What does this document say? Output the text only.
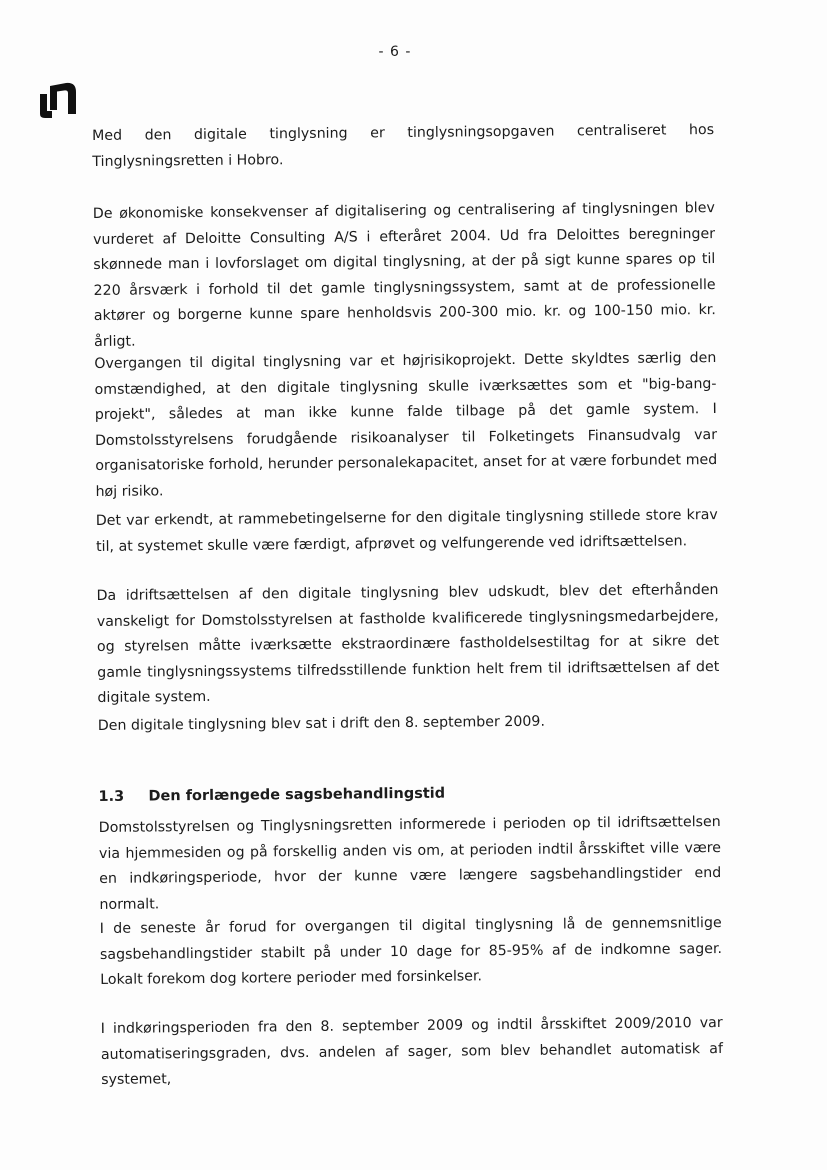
- 6 -

Med den digitale tinglysning er tinglysningsopgaven centraliseret hos Tinglysningsretten i Hobro.

De økonomiske konsekvenser af digitalisering og centralisering af tinglysningen blev vurderet af Deloitte Consulting A/S i efteråret 2004. Ud fra Deloittes beregninger skønnede man i lovforslaget om digital tinglysning, at der på sigt kunne spares op til 220 årsværk i forhold til det gamle tinglysningssystem, samt at de professionelle aktører og borgerne kunne spare henholdsvis 200-300 mio. kr. og 100-150 mio. kr. årligt.

Overgangen til digital tinglysning var et højrisikoprojekt. Dette skyldtes særlig den omstændighed, at den digitale tinglysning skulle iværksættes som et "big-bang-projekt", således at man ikke kunne falde tilbage på det gamle system. I Domstolsstyrelsens forudgående risikoanalyser til Folketingets Finansudvalg var organisatoriske forhold, herunder personalekapacitet, anset for at være forbundet med høj risiko.

Det var erkendt, at rammebetingelserne for den digitale tinglysning stillede store krav til, at systemet skulle være færdigt, afprøvet og velfungerende ved idriftsættelsen.

Da idriftsættelsen af den digitale tinglysning blev udskudt, blev det efterhånden vanskeligt for Domstolsstyrelsen at fastholde kvalificerede tinglysningsmedarbejdere, og styrelsen måtte iværksætte ekstraordinære fastholdelsestiltag for at sikre det gamle tinglysningssystems tilfredsstillende funktion helt frem til idriftsættelsen af det digitale system.

Den digitale tinglysning blev sat i drift den 8. september 2009.

1.3 Den forlængede sagsbehandlingstid

Domstolsstyrelsen og Tinglysningsretten informerede i perioden op til idriftsættelsen via hjemmesiden og på forskellig anden vis om, at perioden indtil årsskiftet ville være en indkøringsperiode, hvor der kunne være længere sagsbehandlingstider end normalt.

I de seneste år forud for overgangen til digital tinglysning lå de gennemsnitlige sagsbehandlingstider stabilt på under 10 dage for 85-95% af de indkomne sager. Lokalt forekom dog kortere perioder med forsinkelser.

I indkøringsperioden fra den 8. september 2009 og indtil årsskiftet 2009/2010 var automatiseringsgraden, dvs. andelen af sager, som blev behandlet automatisk af systemet,
